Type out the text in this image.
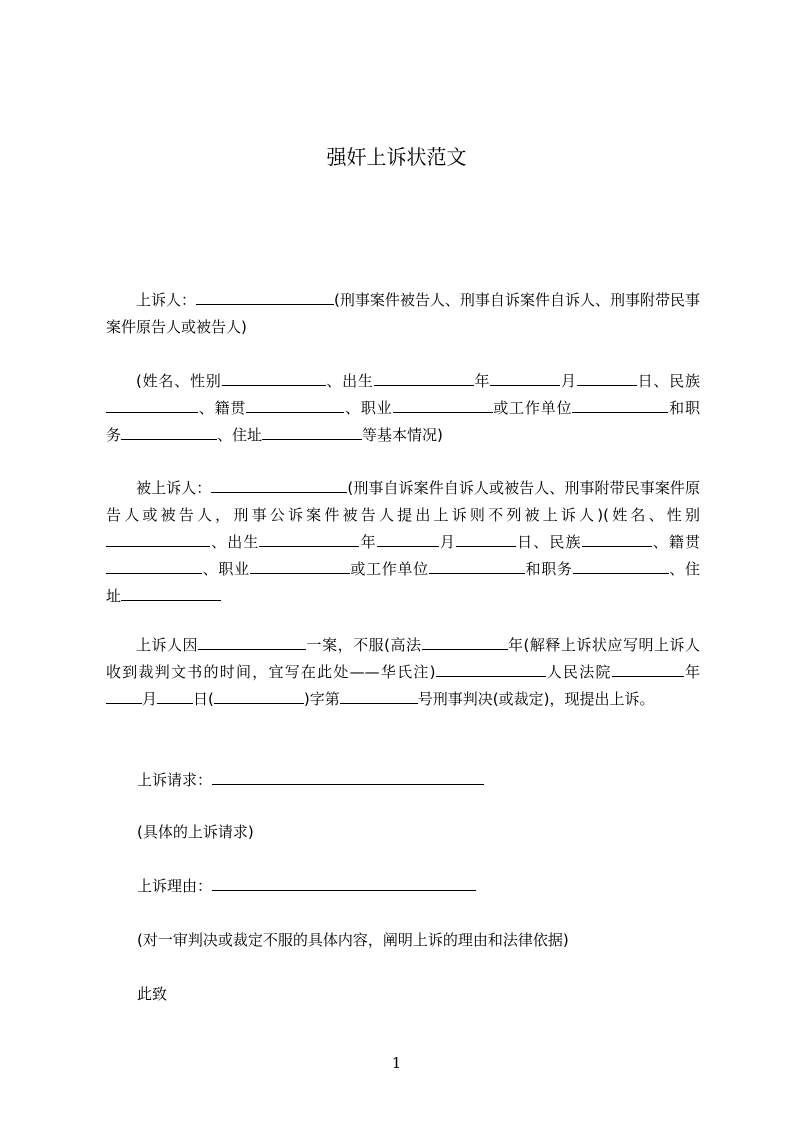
强奸上诉状范文
上诉人：	(刑事案件被告人、刑事自诉案件自诉人、刑事附带民事案件原告人或被告人)
(姓名、性别	、出生	年	月	日、民族、籍贯	、职业	或工作单位	和职务	、住址	等基本情况)
被上诉人：	(刑事自诉案件自诉人或被告人、刑事附带民事案件原告人或被告人，刑事公诉案件被告人提出上诉则不列被上诉人)(姓名、性别、出生	年	月	日、民族	、籍贯、职业	或工作单位	和职务	、住址
上诉人因	一案，不服(高法	年(解释上诉状应写明上诉人收到裁判文书的时间，宜写在此处——华氏注)	人民法院	年月 日(	)字第	号刑事判决(或裁定)，现提出上诉。
上诉请求：
(具体的上诉请求)
上诉理由：
(对一审判决或裁定不服的具体内容，阐明上诉的理由和法律依据)
此致
1
